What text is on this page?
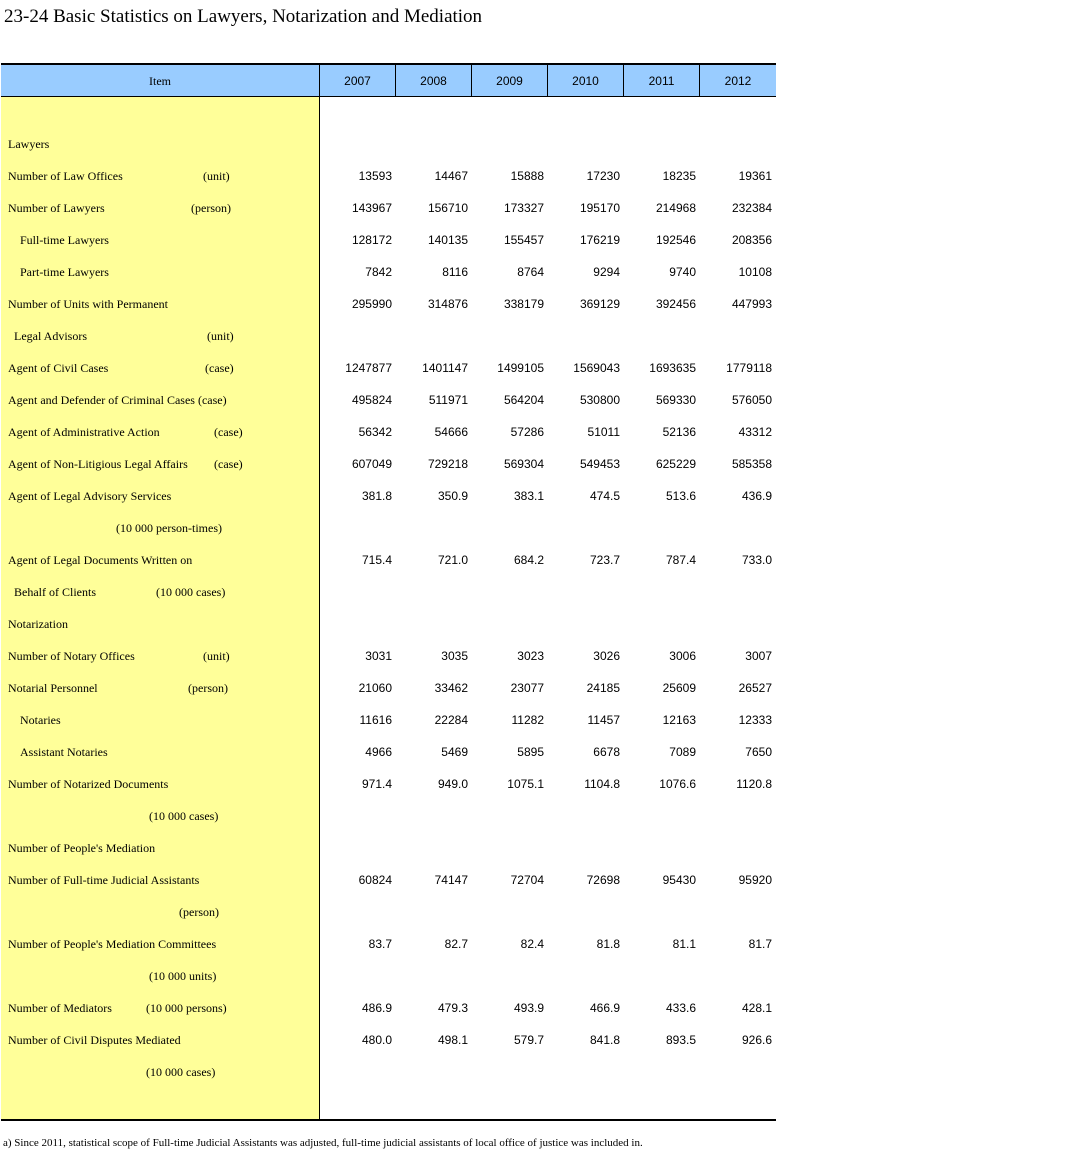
23-24 Basic Statistics on Lawyers, Notarization and Mediation
Item	2007	2008	2009	2010	2011	2012
Lawyers
Number of Law Offices	(unit)	13593	14467	15888	17230	18235	19361
Number of Lawyers	(person)	143967	156710	173327	195170	214968	232384
Full-time Lawyers	128172	140135	155457	176219	192546	208356
Part-time Lawyers	7842	8116	8764	9294	9740	10108
Number of Units with Permanent	295990	314876	338179	369129	392456	447993
Legal Advisors	(unit)
Agent of Civil Cases	(case)	1247877	1401147	1499105	1569043	1693635	1779118
Agent and Defender of Criminal Cases (case)	495824	511971	564204	530800	569330	576050
Agent of Administrative Action	(case)	56342	54666	57286	51011	52136	43312
Agent of Non-Litigious Legal Affairs (case)	607049	729218	569304	549453	625229	585358
Agent of Legal Advisory Services	381.8	350.9	383.1	474.5	513.6	436.9
(10 000 person-times)
Agent of Legal Documents Written on	715.4	721.0	684.2	723.7	787.4	733.0
Behalf of Clients	(10 000 cases)
Notarization
Number of Notary Offices	(unit)	3031	3035	3023	3026	3006	3007
Notarial Personnel	(person)	21060	33462	23077	24185	25609	26527
Notaries	11616	22284	11282	11457	12163	12333
Assistant Notaries	4966	5469	5895	6678	7089	7650
Number of Notarized Documents	971.4	949.0	1075.1	1104.8	1076.6	1120.8
(10 000 cases)
Number of People's Mediation
Number of Full-time Judicial Assistants	60824	74147	72704	72698	95430	95920
(person)
Number of People's Mediation Committees	83.7	82.7	82.4	81.8	81.1	81.7
(10 000 units)
Number of Mediators	(10 000 persons)	486.9	479.3	493.9	466.9	433.6	428.1
Number of Civil Disputes Mediated	480.0	498.1	579.7	841.8	893.5	926.6
(10 000 cases)
a) Since 2011, statistical scope of Full-time Judicial Assistants was adjusted, full-time judicial assistants of local office of justice was included in.
